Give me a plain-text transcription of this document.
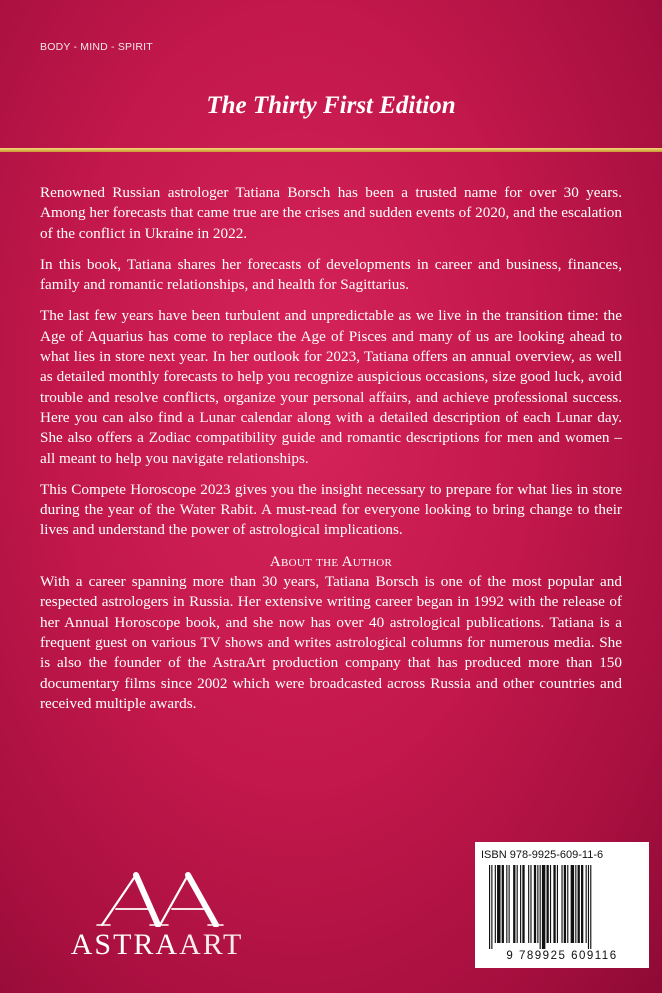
BODY - MIND - SPIRIT
The Thirty First Edition

Renowned Russian astrologer Tatiana Borsch has been a trusted name for over 30 years. Among her forecasts that came true are the crises and sudden events of 2020, and the escalation of the conflict in Ukraine in 2022.

In this book, Tatiana shares her forecasts of developments in career and business, finances, family and romantic relationships, and health for Sagittarius.

The last few years have been turbulent and unpredictable as we live in the transition time: the Age of Aquarius has come to replace the Age of Pisces and many of us are looking ahead to what lies in store next year. In her outlook for 2023, Tatiana offers an annual overview, as well as detailed monthly forecasts to help you recognize auspicious occasions, size good luck, avoid trouble and resolve conflicts, organize your personal affairs, and achieve professional success. Here you can also find a Lunar calendar along with a detailed description of each Lunar day. She also offers a Zodiac compatibility guide and romantic descriptions for men and women – all meant to help you navigate relationships.

This Compete Horoscope 2023 gives you the insight necessary to prepare for what lies in store during the year of the Water Rabit. A must-read for everyone looking to bring change to their lives and understand the power of astrological implications.

About the Author

With a career spanning more than 30 years, Tatiana Borsch is one of the most popular and respected astrologers in Russia. Her extensive writing career began in 1992 with the release of her Annual Horoscope book, and she now has over 40 astrological publications. Tatiana is a frequent guest on various TV shows and writes astrological columns for numerous media. She is also the founder of the AstraArt production company that has produced more than 150 documentary films since 2002 which were broadcasted across Russia and other countries and received multiple awards.

ASTRAART
ISBN 978-9925-609-11-6
9 789925 609116
